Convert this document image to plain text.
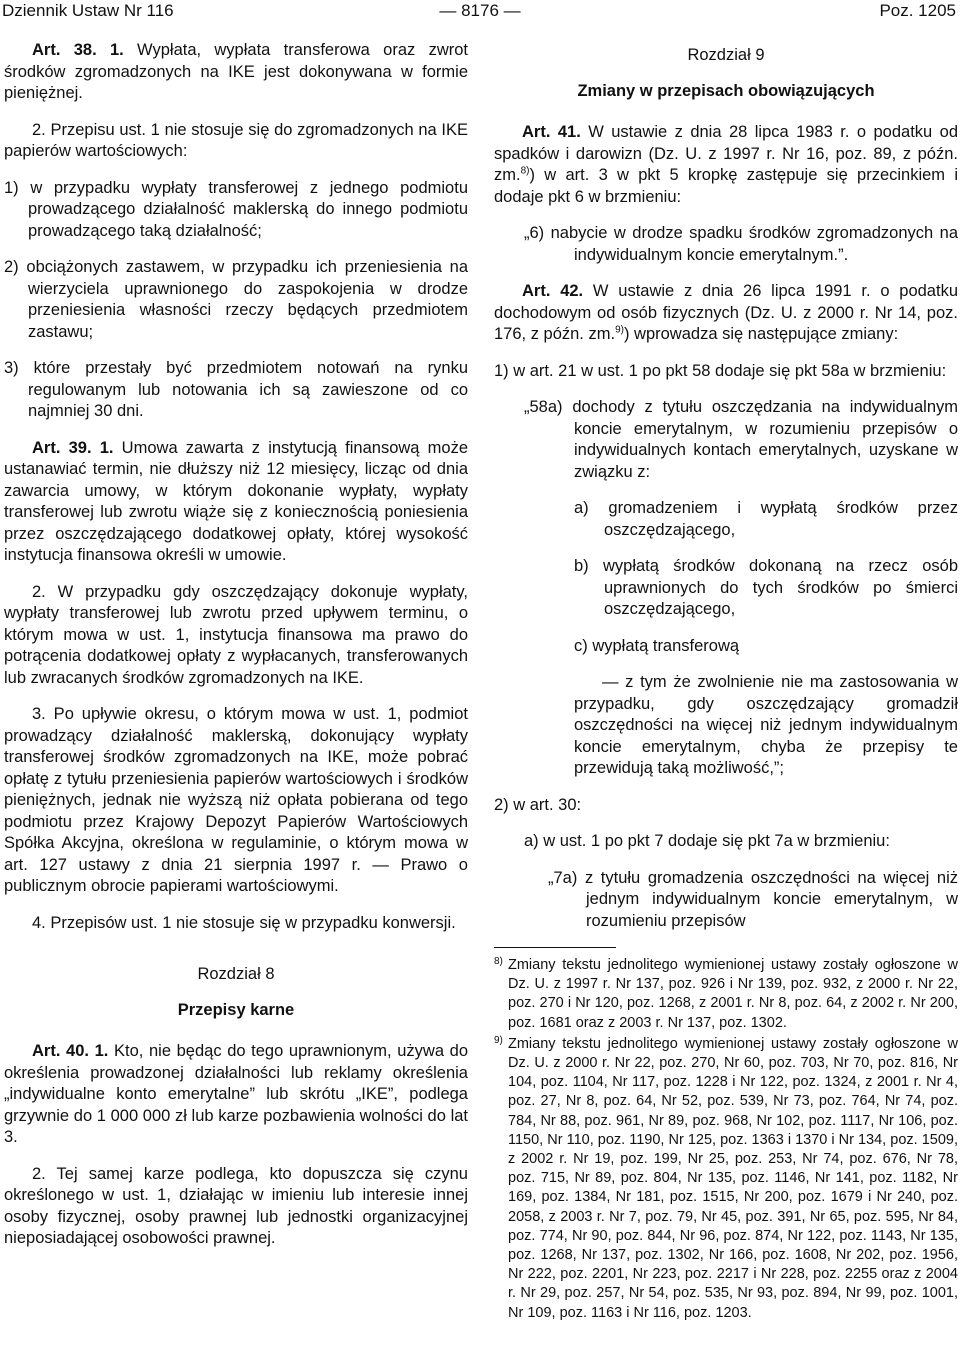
Dziennik Ustaw Nr 116	— 8176 —	Poz. 1205

Art. 38. 1. Wypłata, wypłata transferowa oraz zwrot środków zgromadzonych na IKE jest dokonywana w formie pieniężnej.

2. Przepisu ust. 1 nie stosuje się do zgromadzonych na IKE papierów wartościowych:

1) w przypadku wypłaty transferowej z jednego podmiotu prowadzącego działalność maklerską do innego podmiotu prowadzącego taką działalność;

2) obciążonych zastawem, w przypadku ich przeniesienia na wierzyciela uprawnionego do zaspokojenia w drodze przeniesienia własności rzeczy będących przedmiotem zastawu;

3) które przestały być przedmiotem notowań na rynku regulowanym lub notowania ich są zawieszone od co najmniej 30 dni.

Art. 39. 1. Umowa zawarta z instytucją finansową może ustanawiać termin, nie dłuższy niż 12 miesięcy, licząc od dnia zawarcia umowy, w którym dokonanie wypłaty, wypłaty transferowej lub zwrotu wiąże się z koniecznością poniesienia przez oszczędzającego dodatkowej opłaty, której wysokość instytucja finansowa określi w umowie.

2. W przypadku gdy oszczędzający dokonuje wypłaty, wypłaty transferowej lub zwrotu przed upływem terminu, o którym mowa w ust. 1, instytucja finansowa ma prawo do potrącenia dodatkowej opłaty z wypłacanych, transferowanych lub zwracanych środków zgromadzonych na IKE.

3. Po upływie okresu, o którym mowa w ust. 1, podmiot prowadzący działalność maklerską, dokonujący wypłaty transferowej środków zgromadzonych na IKE, może pobrać opłatę z tytułu przeniesienia papierów wartościowych i środków pieniężnych, jednak nie wyższą niż opłata pobierana od tego podmiotu przez Krajowy Depozyt Papierów Wartościowych Spółka Akcyjna, określona w regulaminie, o którym mowa w art. 127 ustawy z dnia 21 sierpnia 1997 r. — Prawo o publicznym obrocie papierami wartościowymi.

4. Przepisów ust. 1 nie stosuje się w przypadku konwersji.

Rozdział 8

Przepisy karne

Art. 40. 1. Kto, nie będąc do tego uprawnionym, używa do określenia prowadzonej działalności lub reklamy określenia „indywidualne konto emerytalne” lub skrótu „IKE”, podlega grzywnie do 1 000 000 zł lub karze pozbawienia wolności do lat 3.

2. Tej samej karze podlega, kto dopuszcza się czynu określonego w ust. 1, działając w imieniu lub interesie innej osoby fizycznej, osoby prawnej lub jednostki organizacyjnej nieposiadającej osobowości prawnej.

Rozdział 9

Zmiany w przepisach obowiązujących

Art. 41. W ustawie z dnia 28 lipca 1983 r. o podatku od spadków i darowizn (Dz. U. z 1997 r. Nr 16, poz. 89, z późn. zm.$^{8)}$) w art. 3 w pkt 5 kropkę zastępuje się przecinkiem i dodaje pkt 6 w brzmieniu:

„6) nabycie w drodze spadku środków zgromadzonych na indywidualnym koncie emerytalnym.”.

Art. 42. W ustawie z dnia 26 lipca 1991 r. o podatku dochodowym od osób fizycznych (Dz. U. z 2000 r. Nr 14, poz. 176, z późn. zm.$^{9)}$) wprowadza się następujące zmiany:

1) w art. 21 w ust. 1 po pkt 58 dodaje się pkt 58a w brzmieniu:

„58a) dochody z tytułu oszczędzania na indywidualnym koncie emerytalnym, w rozumieniu przepisów o indywidualnych kontach emerytalnych, uzyskane w związku z:

a) gromadzeniem i wypłatą środków przez oszczędzającego,

b) wypłatą środków dokonaną na rzecz osób uprawnionych do tych środków po śmierci oszczędzającego,

c) wypłatą transferową

— z tym że zwolnienie nie ma zastosowania w przypadku, gdy oszczędzający gromadził oszczędności na więcej niż jednym indywidualnym koncie emerytalnym, chyba że przepisy te przewidują taką możliwość,”;

2) w art. 30:

a) w ust. 1 po pkt 7 dodaje się pkt 7a w brzmieniu:

„7a) z tytułu gromadzenia oszczędności na więcej niż jednym indywidualnym koncie emerytalnym, w rozumieniu przepisów

8) Zmiany tekstu jednolitego wymienionej ustawy zostały ogłoszone w Dz. U. z 1997 r. Nr 137, poz. 926 i Nr 139, poz. 932, z 2000 r. Nr 22, poz. 270 i Nr 120, poz. 1268, z 2001 r. Nr 8, poz. 64, z 2002 r. Nr 200, poz. 1681 oraz z 2003 r. Nr 137, poz. 1302.

9) Zmiany tekstu jednolitego wymienionej ustawy zostały ogłoszone w Dz. U. z 2000 r. Nr 22, poz. 270, Nr 60, poz. 703, Nr 70, poz. 816, Nr 104, poz. 1104, Nr 117, poz. 1228 i Nr 122, poz. 1324, z 2001 r. Nr 4, poz. 27, Nr 8, poz. 64, Nr 52, poz. 539, Nr 73, poz. 764, Nr 74, poz. 784, Nr 88, poz. 961, Nr 89, poz. 968, Nr 102, poz. 1117, Nr 106, poz. 1150, Nr 110, poz. 1190, Nr 125, poz. 1363 i 1370 i Nr 134, poz. 1509, z 2002 r. Nr 19, poz. 199, Nr 25, poz. 253, Nr 74, poz. 676, Nr 78, poz. 715, Nr 89, poz. 804, Nr 135, poz. 1146, Nr 141, poz. 1182, Nr 169, poz. 1384, Nr 181, poz. 1515, Nr 200, poz. 1679 i Nr 240, poz. 2058, z 2003 r. Nr 7, poz. 79, Nr 45, poz. 391, Nr 65, poz. 595, Nr 84, poz. 774, Nr 90, poz. 844, Nr 96, poz. 874, Nr 122, poz. 1143, Nr 135, poz. 1268, Nr 137, poz. 1302, Nr 166, poz. 1608, Nr 202, poz. 1956, Nr 222, poz. 2201, Nr 223, poz. 2217 i Nr 228, poz. 2255 oraz z 2004 r. Nr 29, poz. 257, Nr 54, poz. 535, Nr 93, poz. 894, Nr 99, poz. 1001, Nr 109, poz. 1163 i Nr 116, poz. 1203.
